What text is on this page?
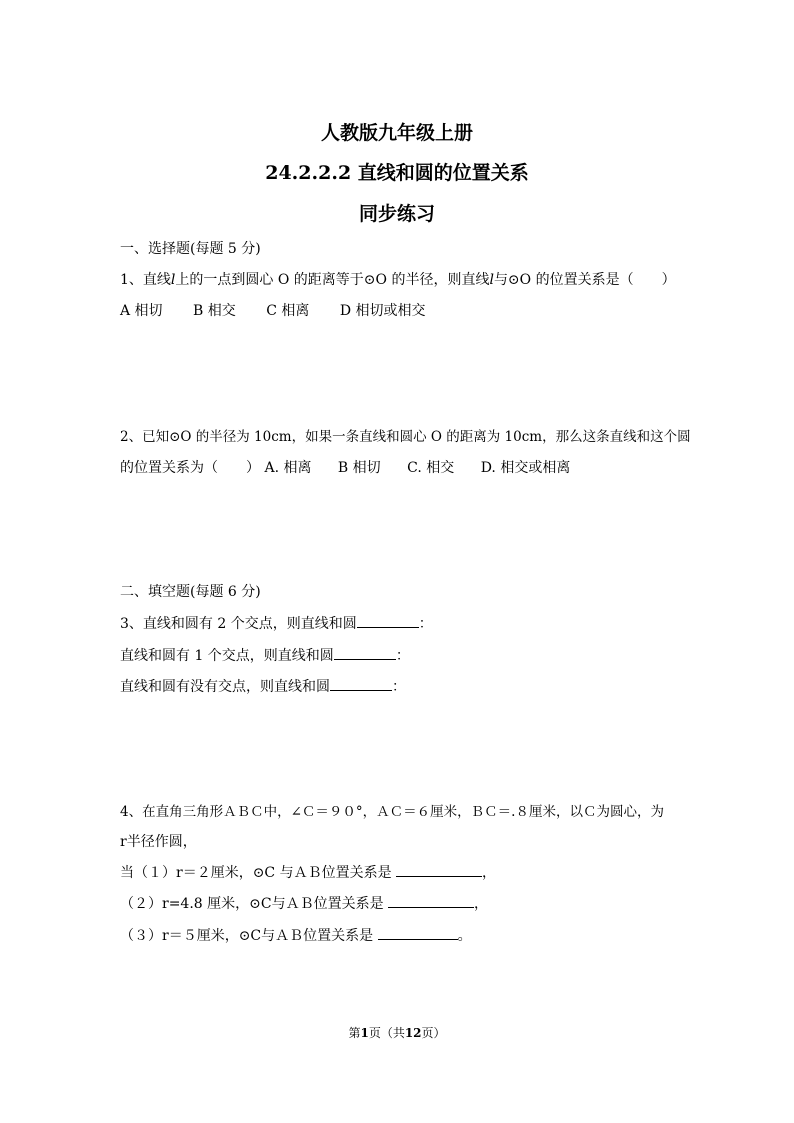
人教版九年级上册
24.2.2.2 直线和圆的位置关系
同步练习
一、选择题(每题 5 分)
1、直线l上的一点到圆心 O 的距离等于⊙O 的半径，则直线l与⊙O 的位置关系是（　　）
A 相切 B 相交 C 相离 D 相切或相交
2、已知⊙O 的半径为 10cm，如果一条直线和圆心 O 的距离为 10cm，那么这条直线和这个圆
的位置关系为（　　） A. 相离 B 相切 C. 相交 D. 相交或相离
二、填空题(每题 6 分)
3、直线和圆有 2 个交点，则直线和圆	：
直线和圆有 1 个交点，则直线和圆	：
直线和圆有没有交点，则直线和圆	：
4、在直角三角形ＡＢＣ中，∠Ｃ＝９０°，ＡＣ＝６厘米，ＢＣ＝.８厘米，以Ｃ为圆心，为
r半径作圆，
当（１）r＝２厘米，⊙C 与ＡＢ位置关系是	，
（２）r=4.8 厘米，⊙C与ＡＢ位置关系是	，
（３）r＝５厘米，⊙C与ＡＢ位置关系是	。
第1页（共12页）
